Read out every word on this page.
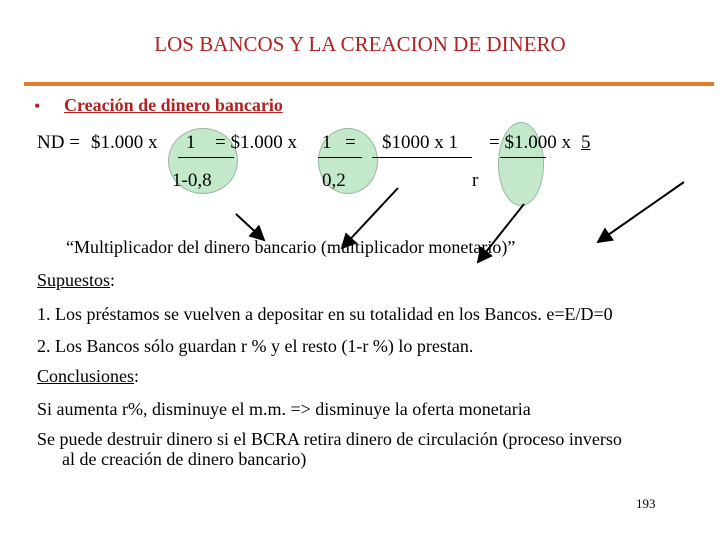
LOS BANCOS Y LA CREACION DE DINERO
• Creación de dinero bancario
ND = $1.000 x 1 = $1.000 x 1 = $1000 x 1 = $1.000 x 5
1-0,8	0,2	r
“Multiplicador del dinero bancario (multiplicador monetario)”
Supuestos:
1. Los préstamos se vuelven a depositar en su totalidad en los Bancos. e=E/D=0
2. Los Bancos sólo guardan r % y el resto (1-r %) lo prestan.
Conclusiones:
Si aumenta r%, disminuye el m.m. => disminuye la oferta monetaria
Se puede destruir dinero si el BCRA retira dinero de circulación (proceso inverso
al de creación de dinero bancario)
193
